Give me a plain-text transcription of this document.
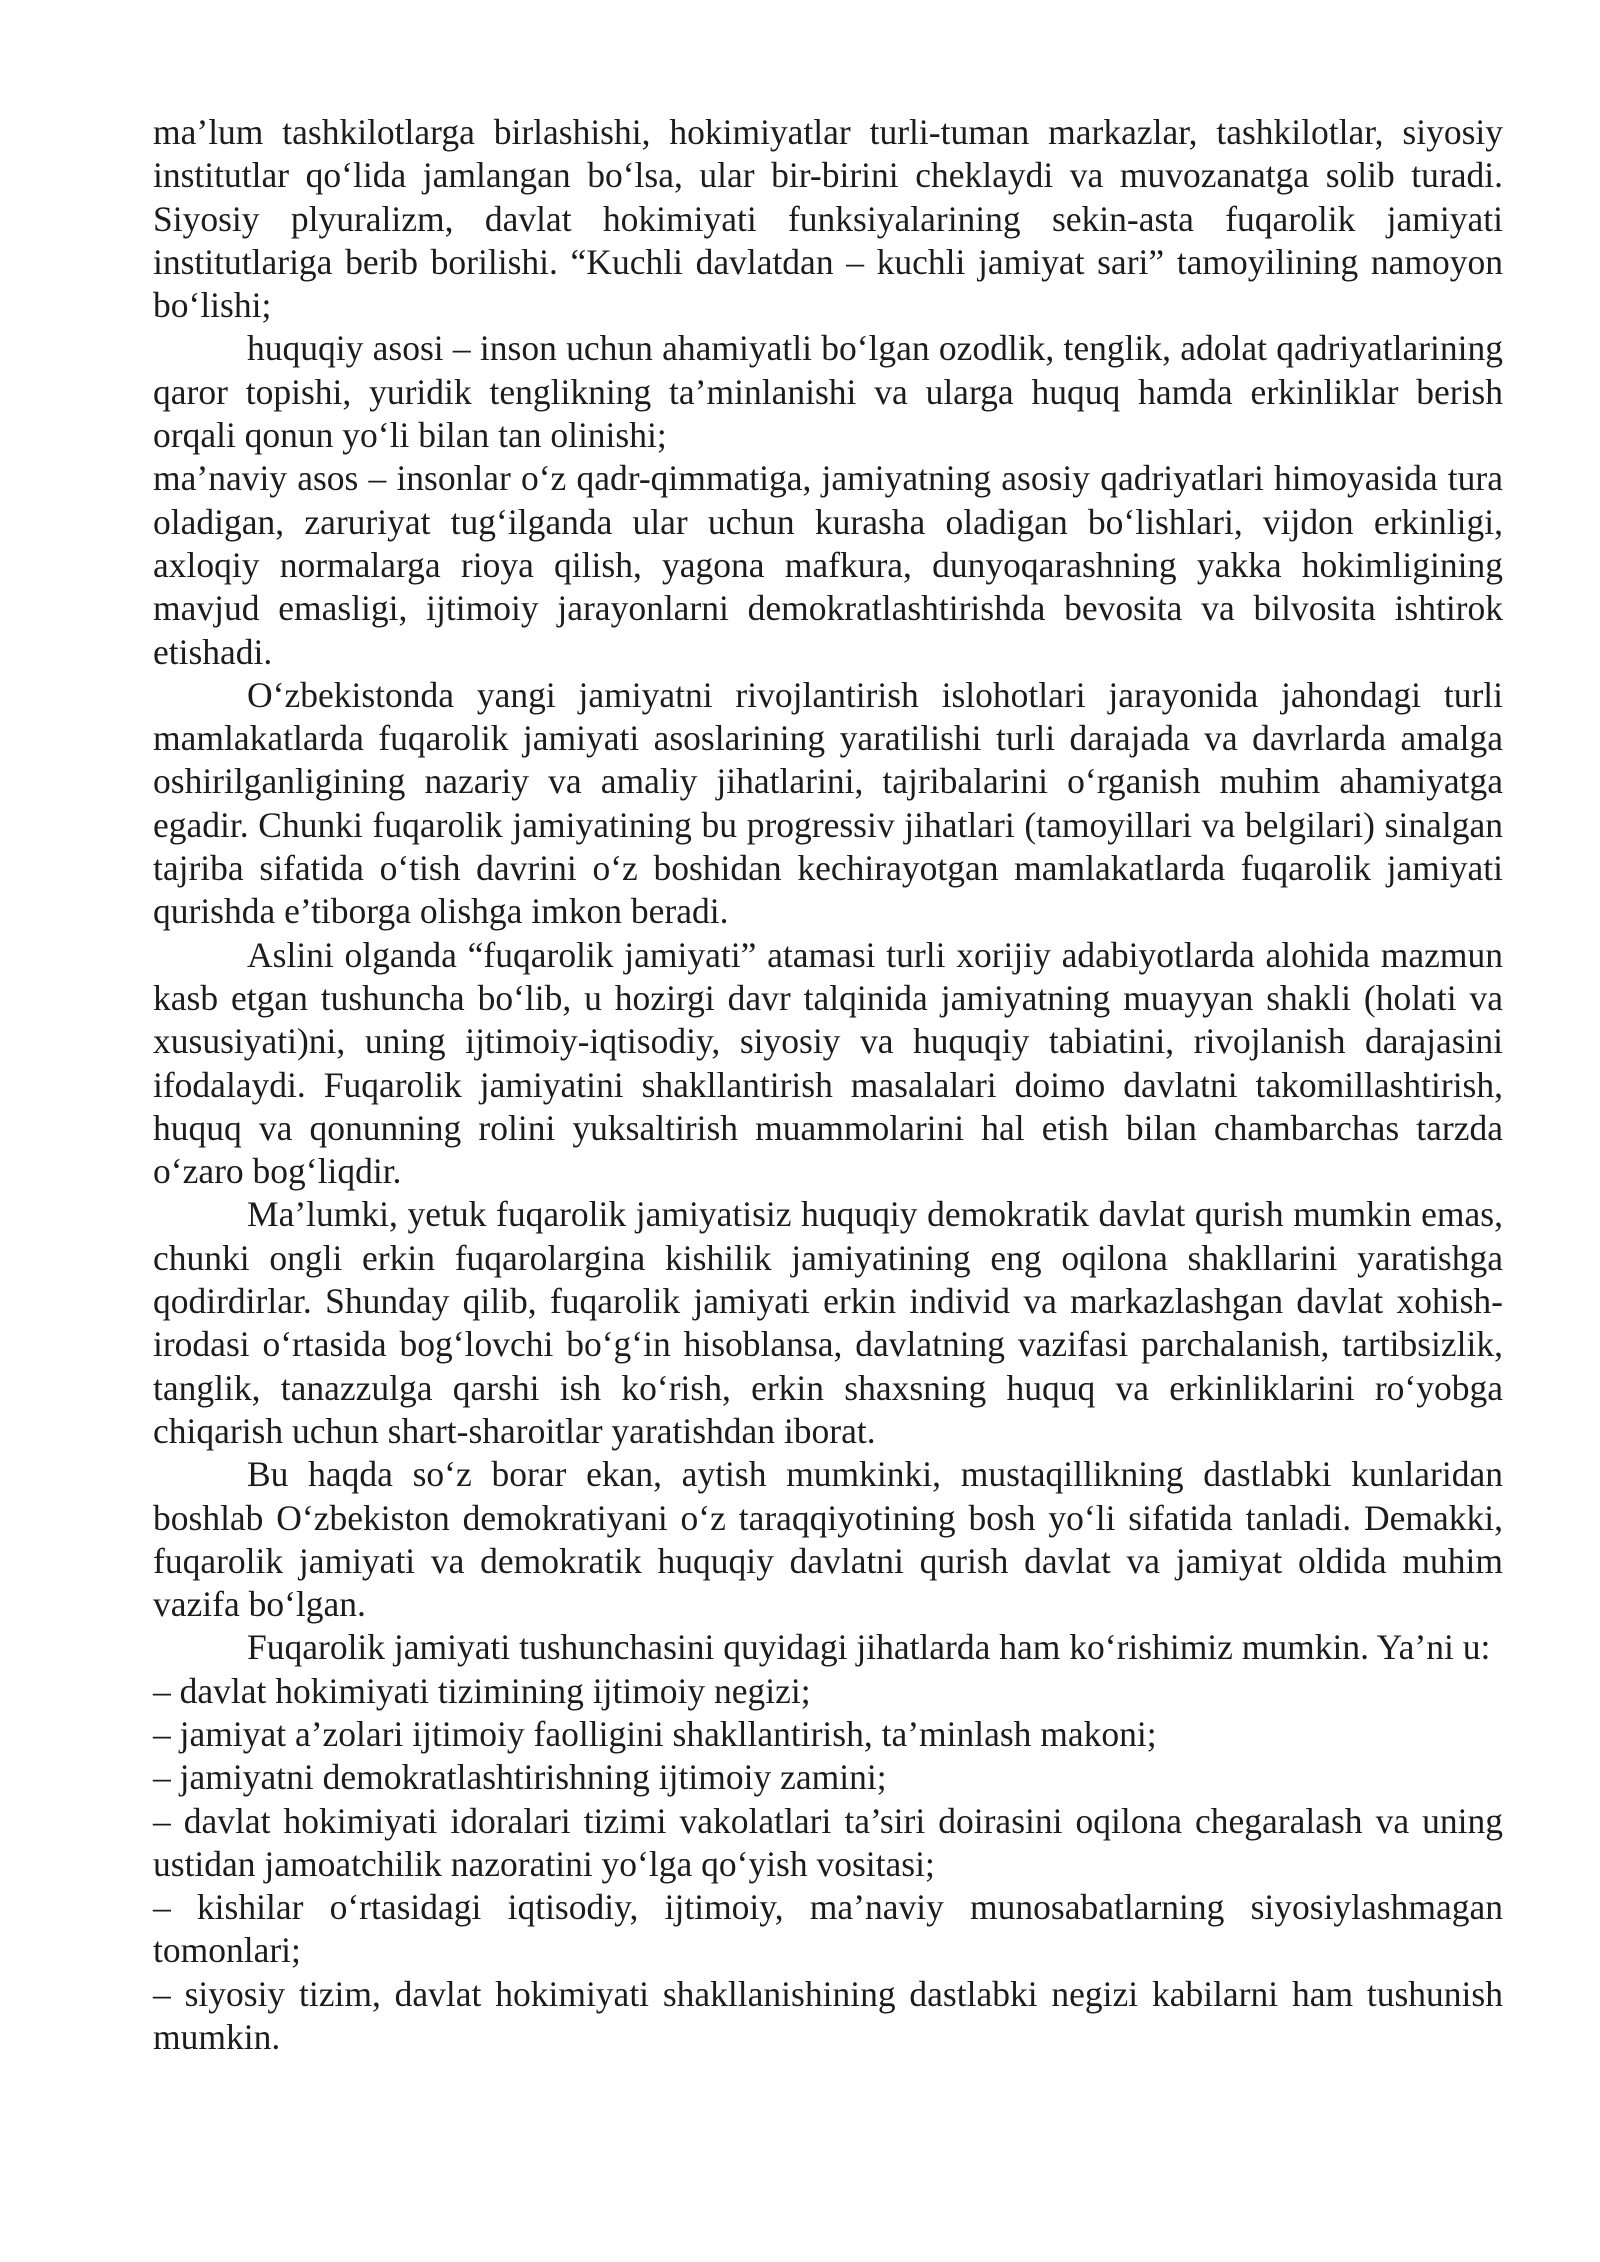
ma’lum tashkilotlarga birlashishi, hokimiyatlar turli-tuman markazlar, tashkilotlar, siyosiy institutlar qo‘lida jamlangan bo‘lsa, ular bir-birini cheklaydi va muvozanatga solib turadi. Siyosiy plyuralizm, davlat hokimiyati funksiyalarining sekin-asta fuqarolik jamiyati institutlariga berib borilishi. “Kuchli davlatdan – kuchli jamiyat sari” tamoyilining namoyon bo‘lishi;

huquqiy asosi – inson uchun ahamiyatli bo‘lgan ozodlik, tenglik, adolat qadriyatlarining qaror topishi, yuridik tenglikning ta’minlanishi va ularga huquq hamda erkinliklar berish orqali qonun yo‘li bilan tan olinishi;

ma’naviy asos – insonlar o‘z qadr-qimmatiga, jamiyatning asosiy qadriyatlari himoyasida tura oladigan, zaruriyat tug‘ilganda ular uchun kurasha oladigan bo‘lishlari, vijdon erkinligi, axloqiy normalarga rioya qilish, yagona mafkura, dunyoqarashning yakka hokimligining mavjud emasligi, ijtimoiy jarayonlarni demokratlashtirishda bevosita va bilvosita ishtirok etishadi.

O‘zbekistonda yangi jamiyatni rivojlantirish islohotlari jarayonida jahondagi turli mamlakatlarda fuqarolik jamiyati asoslarining yaratilishi turli darajada va davrlarda amalga oshirilganligining nazariy va amaliy jihatlarini, tajribalarini o‘rganish muhim ahamiyatga egadir. Chunki fuqarolik jamiyatining bu progressiv jihatlari (tamoyillari va belgilari) sinalgan tajriba sifatida o‘tish davrini o‘z boshidan kechirayotgan mamlakatlarda fuqarolik jamiyati qurishda e’tiborga olishga imkon beradi.

Aslini olganda “fuqarolik jamiyati” atamasi turli xorijiy adabiyotlarda alohida mazmun kasb etgan tushuncha bo‘lib, u hozirgi davr talqinida jamiyatning muayyan shakli (holati va xususiyati)ni, uning ijtimoiy-iqtisodiy, siyosiy va huquqiy tabiatini, rivojlanish darajasini ifodalaydi. Fuqarolik jamiyatini shakllantirish masalalari doimo davlatni takomillashtirish, huquq va qonunning rolini yuksaltirish muammolarini hal etish bilan chambarchas tarzda o‘zaro bog‘liqdir.

Ma’lumki, yetuk fuqarolik jamiyatisiz huquqiy demokratik davlat qurish mumkin emas, chunki ongli erkin fuqarolargina kishilik jamiyatining eng oqilona shakllarini yaratishga qodirdirlar. Shunday qilib, fuqarolik jamiyati erkin individ va markazlashgan davlat xohish-irodasi o‘rtasida bog‘lovchi bo‘g‘in hisoblansa, davlatning vazifasi parchalanish, tartibsizlik, tanglik, tanazzulga qarshi ish ko‘rish, erkin shaxsning huquq va erkinliklarini ro‘yobga chiqarish uchun shart-sharoitlar yaratishdan iborat.

Bu haqda so‘z borar ekan, aytish mumkinki, mustaqillikning dastlabki kunlaridan boshlab O‘zbekiston demokratiyani o‘z taraqqiyotining bosh yo‘li sifatida tanladi. Demakki, fuqarolik jamiyati va demokratik huquqiy davlatni qurish davlat va jamiyat oldida muhim vazifa bo‘lgan.

Fuqarolik jamiyati tushunchasini quyidagi jihatlarda ham ko‘rishimiz mumkin. Ya’ni u:

– davlat hokimiyati tizimining ijtimoiy negizi;

– jamiyat a’zolari ijtimoiy faolligini shakllantirish, ta’minlash makoni;

– jamiyatni demokratlashtirishning ijtimoiy zamini;

– davlat hokimiyati idoralari tizimi vakolatlari ta’siri doirasini oqilona chegaralash va uning ustidan jamoatchilik nazoratini yo‘lga qo‘yish vositasi;

– kishilar o‘rtasidagi iqtisodiy, ijtimoiy, ma’naviy munosabatlarning siyosiylashmagan tomonlari;

– siyosiy tizim, davlat hokimiyati shakllanishining dastlabki negizi kabilarni ham tushunish mumkin.
